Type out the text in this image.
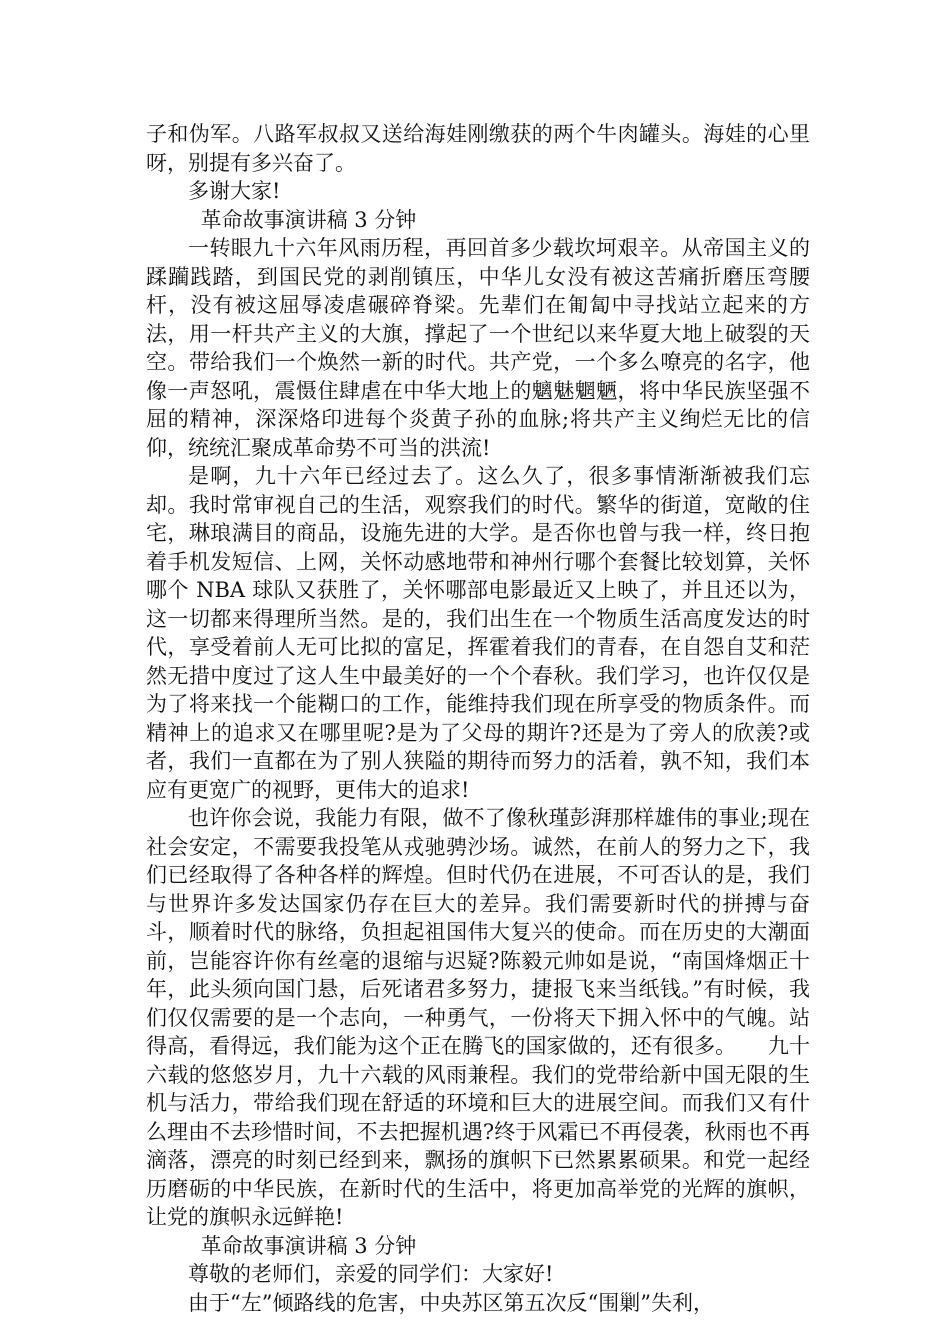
子和伪军。八路军叔叔又送给海娃刚缴获的两个牛肉罐头。海娃的心里呀，别提有多兴奋了。

多谢大家!

革命故事演讲稿 3 分钟

一转眼九十六年风雨历程，再回首多少载坎坷艰辛。从帝国主义的蹂躏践踏，到国民党的剥削镇压，中华儿女没有被这苦痛折磨压弯腰杆，没有被这屈辱凌虐碾碎脊梁。先辈们在匍匐中寻找站立起来的方法，用一杆共产主义的大旗，撑起了一个世纪以来华夏大地上破裂的天空。带给我们一个焕然一新的时代。共产党，一个多么嘹亮的名字，他像一声怒吼，震慑住肆虐在中华大地上的魑魅魍魉，将中华民族坚强不屈的精神，深深烙印进每个炎黄子孙的血脉;将共产主义绚烂无比的信仰，统统汇聚成革命势不可当的洪流!

是啊，九十六年已经过去了。这么久了，很多事情渐渐被我们忘却。我时常审视自己的生活，观察我们的时代。繁华的街道，宽敞的住宅，琳琅满目的商品，设施先进的大学。是否你也曾与我一样，终日抱着手机发短信、上网，关怀动感地带和神州行哪个套餐比较划算，关怀哪个 NBA 球队又获胜了，关怀哪部电影最近又上映了，并且还以为，这一切都来得理所当然。是的，我们出生在一个物质生活高度发达的时代，享受着前人无可比拟的富足，挥霍着我们的青春，在自怨自艾和茫然无措中度过了这人生中最美好的一个个春秋。我们学习，也许仅仅是为了将来找一个能糊口的工作，能维持我们现在所享受的物质条件。而精神上的追求又在哪里呢?是为了父母的期许?还是为了旁人的欣羡?或者，我们一直都在为了别人狭隘的期待而努力的活着，孰不知，我们本应有更宽广的视野，更伟大的追求!

也许你会说，我能力有限，做不了像秋瑾彭湃那样雄伟的事业;现在社会安定，不需要我投笔从戎驰骋沙场。诚然，在前人的努力之下，我们已经取得了各种各样的辉煌。但时代仍在进展，不可否认的是，我们与世界许多发达国家仍存在巨大的差异。我们需要新时代的拼搏与奋斗，顺着时代的脉络，负担起祖国伟大复兴的使命。而在历史的大潮面前，岂能容许你有丝毫的退缩与迟疑?陈毅元帅如是说，“南国烽烟正十年，此头须向国门悬，后死诸君多努力，捷报飞来当纸钱。”有时候，我们仅仅需要的是一个志向，一种勇气，一份将天下拥入怀中的气魄。站得高，看得远，我们能为这个正在腾飞的国家做的，还有很多。　　九十六载的悠悠岁月，九十六载的风雨兼程。我们的党带给新中国无限的生机与活力，带给我们现在舒适的环境和巨大的进展空间。而我们又有什么理由不去珍惜时间，不去把握机遇?终于风霜已不再侵袭，秋雨也不再滴落，漂亮的时刻已经到来，飘扬的旗帜下已然累累硕果。和党一起经历磨砺的中华民族，在新时代的生活中，将更加高举党的光辉的旗帜，让党的旗帜永远鲜艳!

革命故事演讲稿 3 分钟

尊敬的老师们，亲爱的同学们：大家好!

由于“左”倾路线的危害，中央苏区第五次反“围剿”失利，
